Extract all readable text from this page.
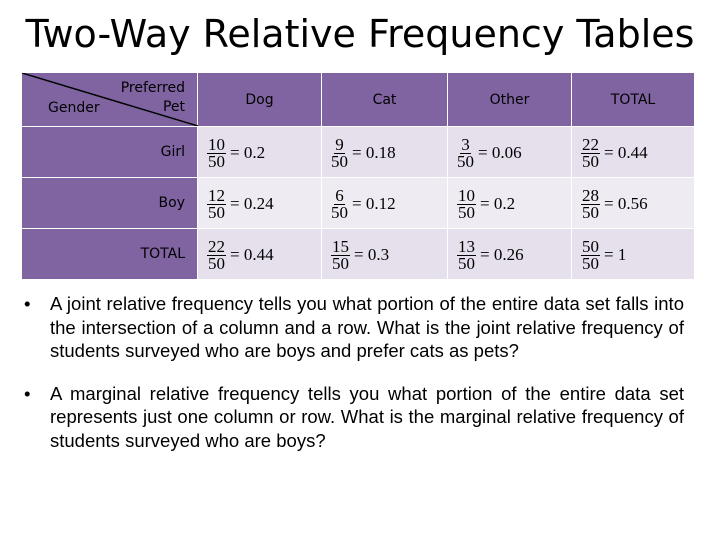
Two-Way Relative Frequency Tables
Preferred
Pet
Gender	Dog	Cat	Other	TOTAL
Girl	$\frac{10}{50} = 0.2$	$\frac{9}{50} = 0.18$	$\frac{3}{50} = 0.06$	$\frac{22}{50} = 0.44$

Boy	$\frac{12}{50} = 0.24$	$\frac{6}{50} = 0.12$	$\frac{10}{50} = 0.2$	$\frac{28}{50} = 0.56$

TOTAL	$\frac{22}{50} = 0.44$	$\frac{15}{50} = 0.3$	$\frac{13}{50} = 0.26$	$\frac{50}{50} = 1$
• A joint relative frequency tells you what portion of the entire data set falls into the intersection of a column and a row. What is the joint relative frequency of students surveyed who are boys and prefer cats as pets?
• A marginal relative frequency tells you what portion of the entire data set represents just one column or row. What is the marginal relative frequency of students surveyed who are boys?
